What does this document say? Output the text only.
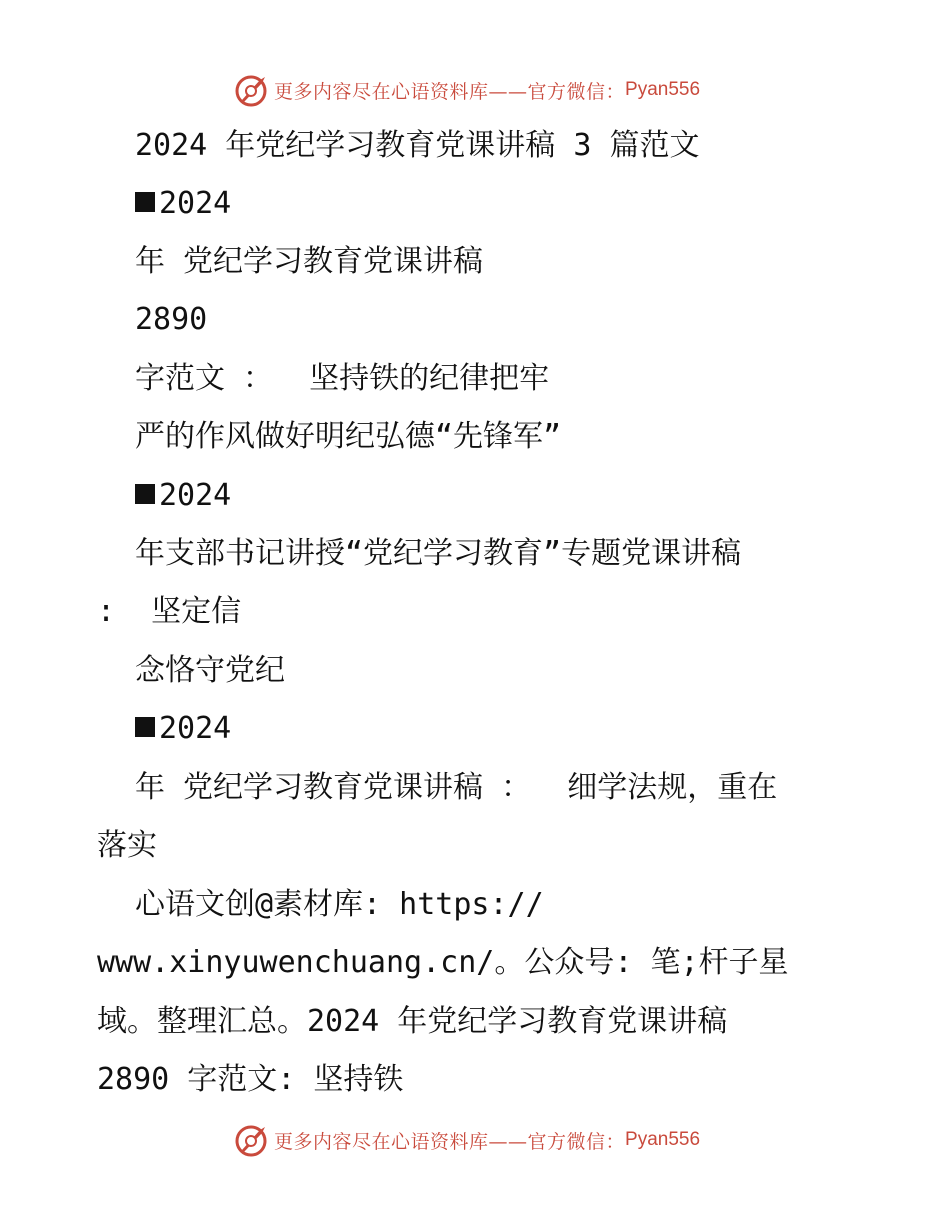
更多内容尽在心语资料库——官方微信： Pyan556
2024 年党纪学习教育党课讲稿 3 篇范文
2024
年 党纪学习教育党课讲稿
2890
字范文 ：  坚持铁的纪律把牢
严的作风做好明纪弘德“先锋军”
2024
年支部书记讲授“党纪学习教育”专题党课讲稿
:  坚定信
念恪守党纪
2024
年 党纪学习教育党课讲稿 ：  细学法规，重在
落实
心语文创@素材库: https://
www.xinyuwenchuang.cn/。公众号: 笔;杆子星
域。整理汇总。2024 年党纪学习教育党课讲稿
2890 字范文: 坚持铁
更多内容尽在心语资料库——官方微信： Pyan556
